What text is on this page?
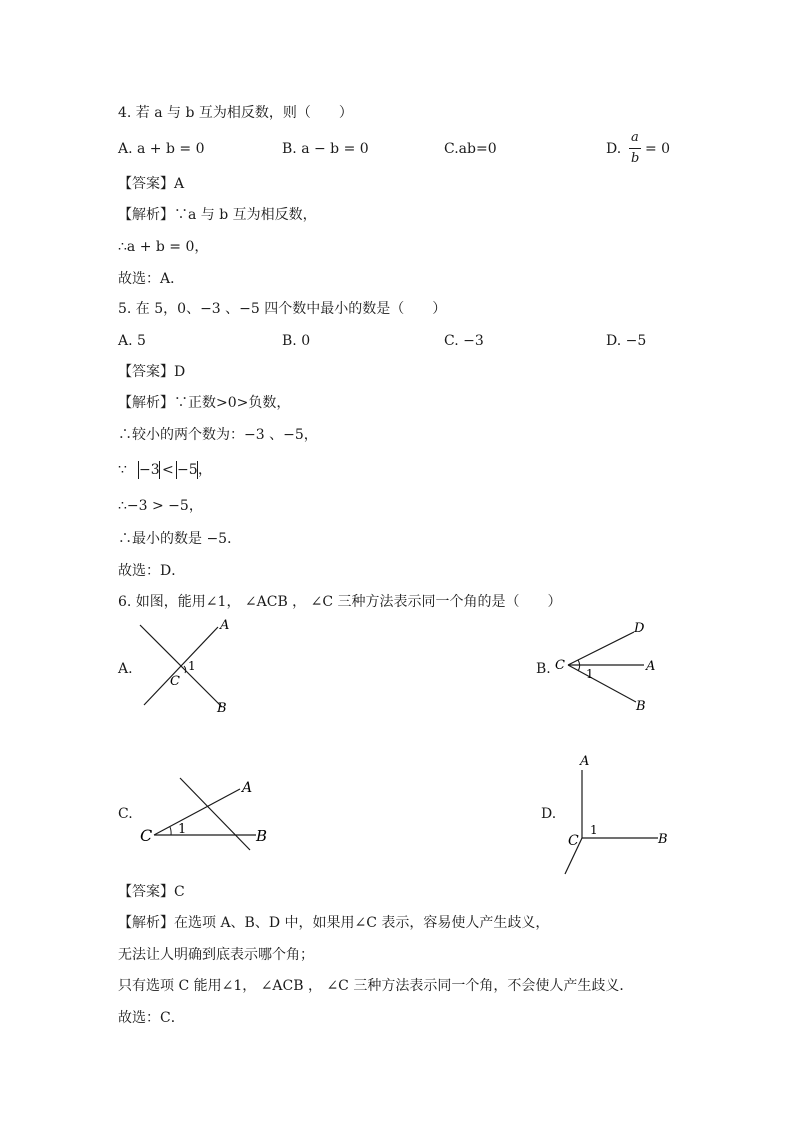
4. 若 a 与 b 互为相反数，则（　　）
A. a + b = 0	B. a − b = 0	C.ab=0	D.
a
b
= 0
【答案】A
【解析】∵a 与 b 互为相反数，
∴a + b = 0，
故选：A．
5. 在 5，0、−3 、−5 四个数中最小的数是（　　）
A. 5	B. 0	C. −3	D. −5
【答案】D
【解析】∵正数>0>负数，
∴较小的两个数为：−3 、−5，
∵ −3 < −5 ，
∴−3 > −5，
∴最小的数是 −5．
故选：D．
6. 如图，能用∠1， ∠ACB ， ∠C 三种方法表示同一个角的是（　　）
A.
A
C
1
B
B.
D
C	A
1
B
C.
A
C 1	B
D.
A
C
1
B
【答案】C
【解析】在选项 A、B、D 中，如果用∠C 表示，容易使人产生歧义，
无法让人明确到底表示哪个角；
只有选项 C 能用∠1， ∠ACB ， ∠C 三种方法表示同一个角，不会使人产生歧义．
故选：C．
